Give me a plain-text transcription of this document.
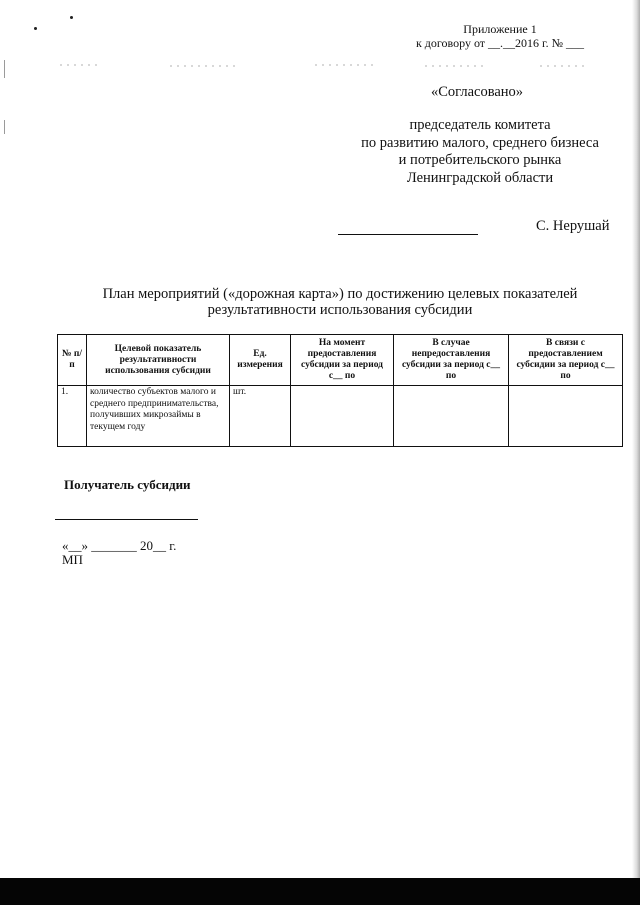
Приложение 1
к договору от __.__2016 г. № ___
«Согласовано»
председатель комитета
по развитию малого, среднего бизнеса
и потребительского рынка
Ленинградской области
С. Нерушай
План мероприятий («дорожная карта») по достижению целевых показателей
результативности использования субсидии
№ п/п	Целевой показатель результативности использования субсидии	Ед. измерения	На момент предоставления субсидии за период с__ по	В случае непредоставления субсидии за период с__ по	В связи с предоставлением субсидии за период с__ по
1.	количество субъектов малого и среднего предпринимательства, получивших микрозаймы в текущем году	шт.			
Получатель субсидии
«__» _______ 20__ г.
МП
